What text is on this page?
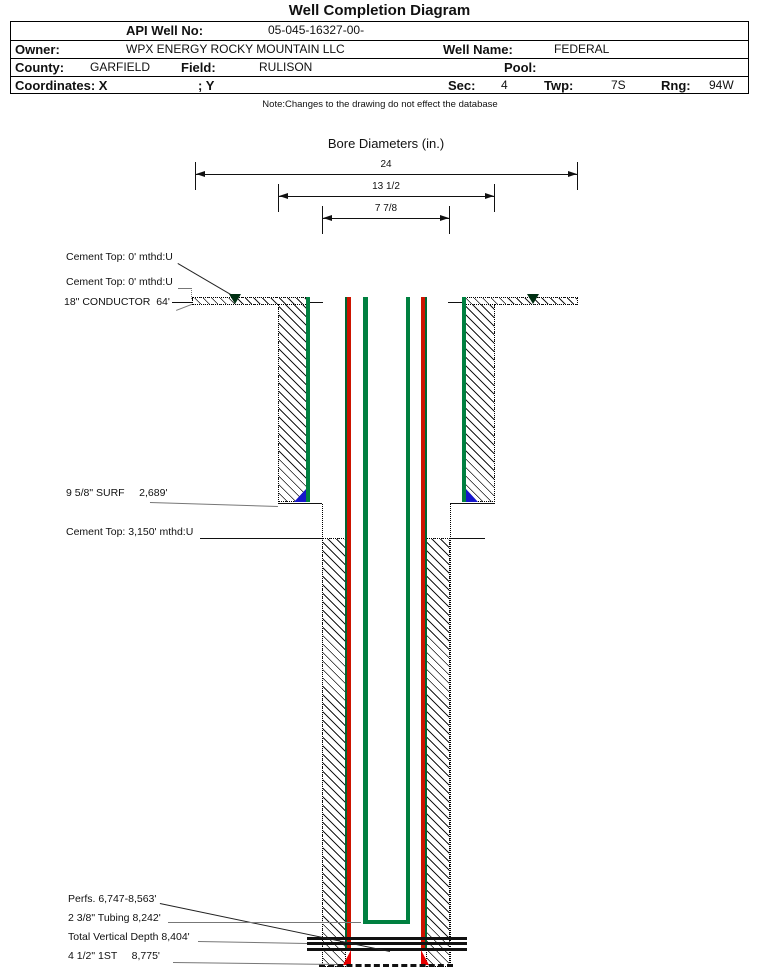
Well Completion Diagram
API Well No:	05-045-16327-00-
Owner:	WPX ENERGY ROCKY MOUNTAIN LLC	Well Name:	FEDERAL
County: GARFIELD Field:	RULISON	Pool:
Coordinates: X	; Y	Sec: 4	Twp:	7S	Rng: 94W
Note:Changes to the drawing do not effect the database
Bore Diameters (in.)
24
13 1/2
7 7/8
Cement Top: 0' mthd:U
Cement Top: 0' mthd:U
18" CONDUCTOR  64'
9 5/8" SURF     2,689'
Cement Top: 3,150' mthd:U
Perfs. 6,747-8,563'
2 3/8" Tubing 8,242'
Total Vertical Depth 8,404'
4 1/2" 1ST     8,775'
